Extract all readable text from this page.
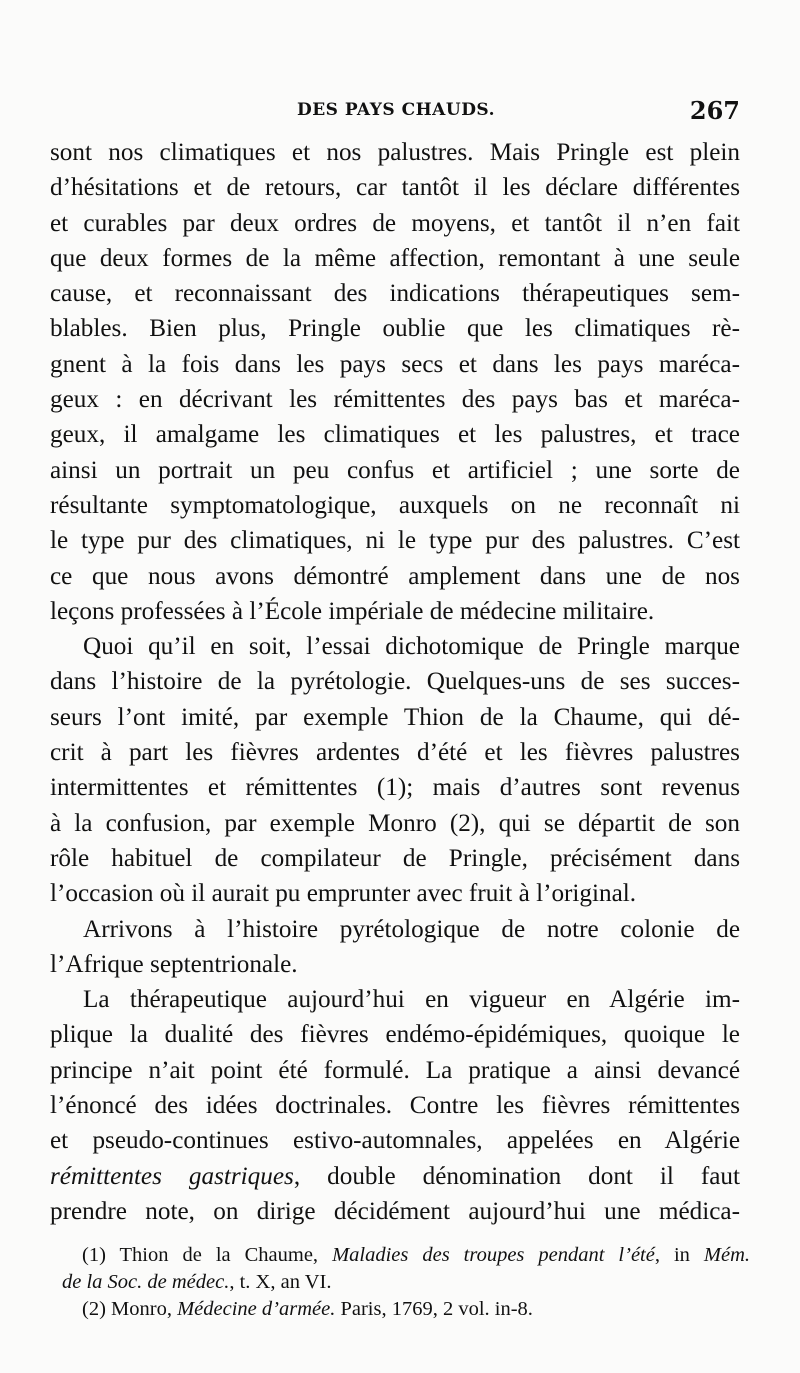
DES PAYS CHAUDS.	267

sont nos climatiques et nos palustres. Mais Pringle est plein
d’hésitations et de retours, car tantôt il les déclare différentes
et curables par deux ordres de moyens, et tantôt il n’en fait
que deux formes de la même affection, remontant à une seule
cause, et reconnaissant des indications thérapeutiques sem-
blables. Bien plus, Pringle oublie que les climatiques rè-
gnent à la fois dans les pays secs et dans les pays maréca-
geux : en décrivant les rémittentes des pays bas et maréca-
geux, il amalgame les climatiques et les palustres, et trace
ainsi un portrait un peu confus et artificiel ; une sorte de
résultante symptomatologique, auxquels on ne reconnaît ni
le type pur des climatiques, ni le type pur des palustres. C’est
ce que nous avons démontré amplement dans une de nos
leçons professées à l’École impériale de médecine militaire.

Quoi qu’il en soit, l’essai dichotomique de Pringle marque
dans l’histoire de la pyrétologie. Quelques-uns de ses succes-
seurs l’ont imité, par exemple Thion de la Chaume, qui dé-
crit à part les fièvres ardentes d’été et les fièvres palustres
intermittentes et rémittentes (1); mais d’autres sont revenus
à la confusion, par exemple Monro (2), qui se départit de son
rôle habituel de compilateur de Pringle, précisément dans
l’occasion où il aurait pu emprunter avec fruit à l’original.

Arrivons à l’histoire pyrétologique de notre colonie de
l’Afrique septentrionale.

La thérapeutique aujourd’hui en vigueur en Algérie im-
plique la dualité des fièvres endémo-épidémiques, quoique le
principe n’ait point été formulé. La pratique a ainsi devancé
l’énoncé des idées doctrinales. Contre les fièvres rémittentes
et pseudo-continues estivo-automnales, appelées en Algérie
rémittentes gastriques, double dénomination dont il faut
prendre note, on dirige décidément aujourd’hui une médica-

(1) Thion de la Chaume, Maladies des troupes pendant l’été, in Mém.
de la Soc. de médec., t. X, an VI.
(2) Monro, Médecine d’armée. Paris, 1769, 2 vol. in-8.
